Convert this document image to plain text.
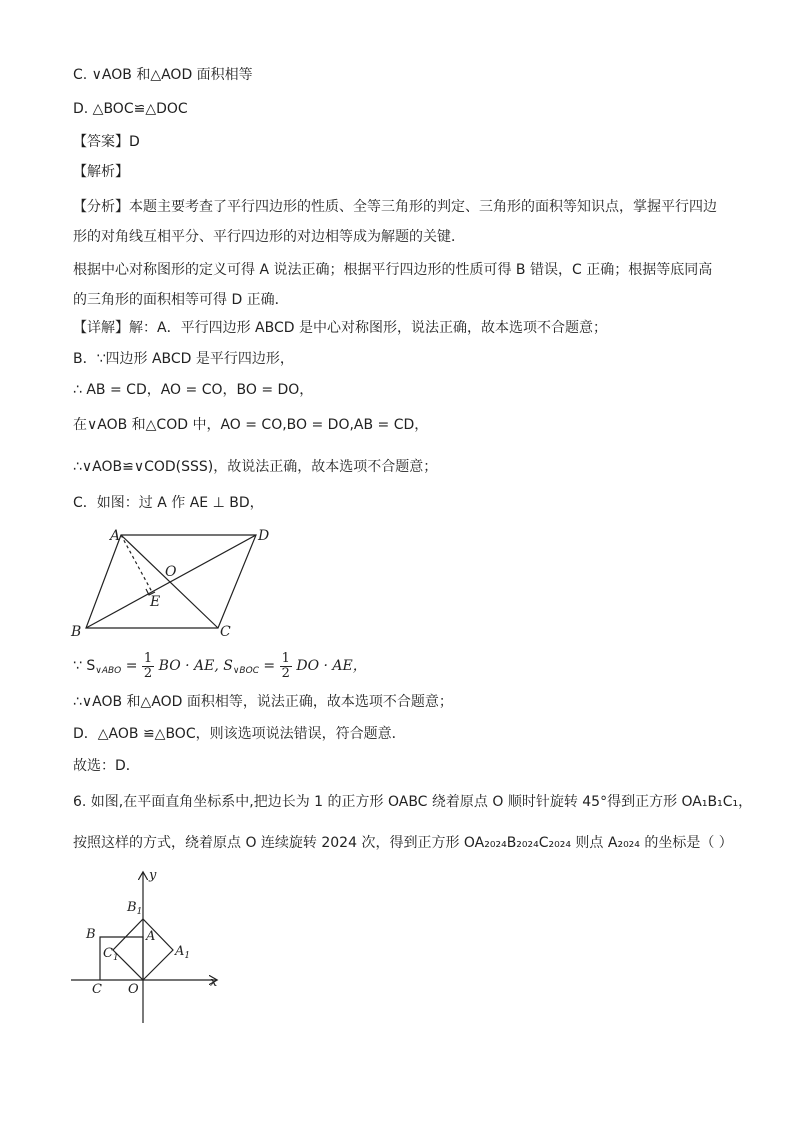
C. ∨AOB 和△AOD 面积相等
D. △BOC≌△DOC
【答案】D
【解析】
【分析】本题主要考查了平行四边形的性质、全等三角形的判定、三角形的面积等知识点，掌握平行四边形的对角线互相平分、平行四边形的对边相等成为解题的关键．
根据中心对称图形的定义可得 A 说法正确；根据平行四边形的性质可得 B 错误，C 正确；根据等底同高的三角形的面积相等可得 D 正确．
【详解】解：A．平行四边形 ABCD 是中心对称图形，说法正确，故本选项不合题意；
B．∵四边形 ABCD 是平行四边形，
∴ AB = CD，AO = CO，BO = DO，
在∨AOB 和△COD 中，AO = CO,BO = DO,AB = CD，
∴∨AOB≌∨COD(SSS)，故说法正确，故本选项不合题意；
C．如图：过 A 作 AE ⊥ BD，
A	D
O
E
B	C
∵ $S_{\vee ABO} = \frac{1}{2}$ BO · AE, $S_{\vee BOC} = \frac{1}{2}$ DO · AE，
∴∨AOB 和△AOD 面积相等，说法正确，故本选项不合题意；
D．△AOB ≌△BOC，则该选项说法错误，符合题意．
故选：D．
6. 如图,在平面直角坐标系中,把边长为 1 的正方形 OABC 绕着原点 O 顺时针旋转 45°得到正方形 OA₁B₁C₁，
按照这样的方式，绕着原点 O 连续旋转 2024 次，得到正方形 OA₂₀₂₄B₂₀₂₄C₂₀₂₄ 则点 A₂₀₂₄ 的坐标是（ ）
y
x
O
A
B
C
$A_1$
$B_1$
$C_1$
